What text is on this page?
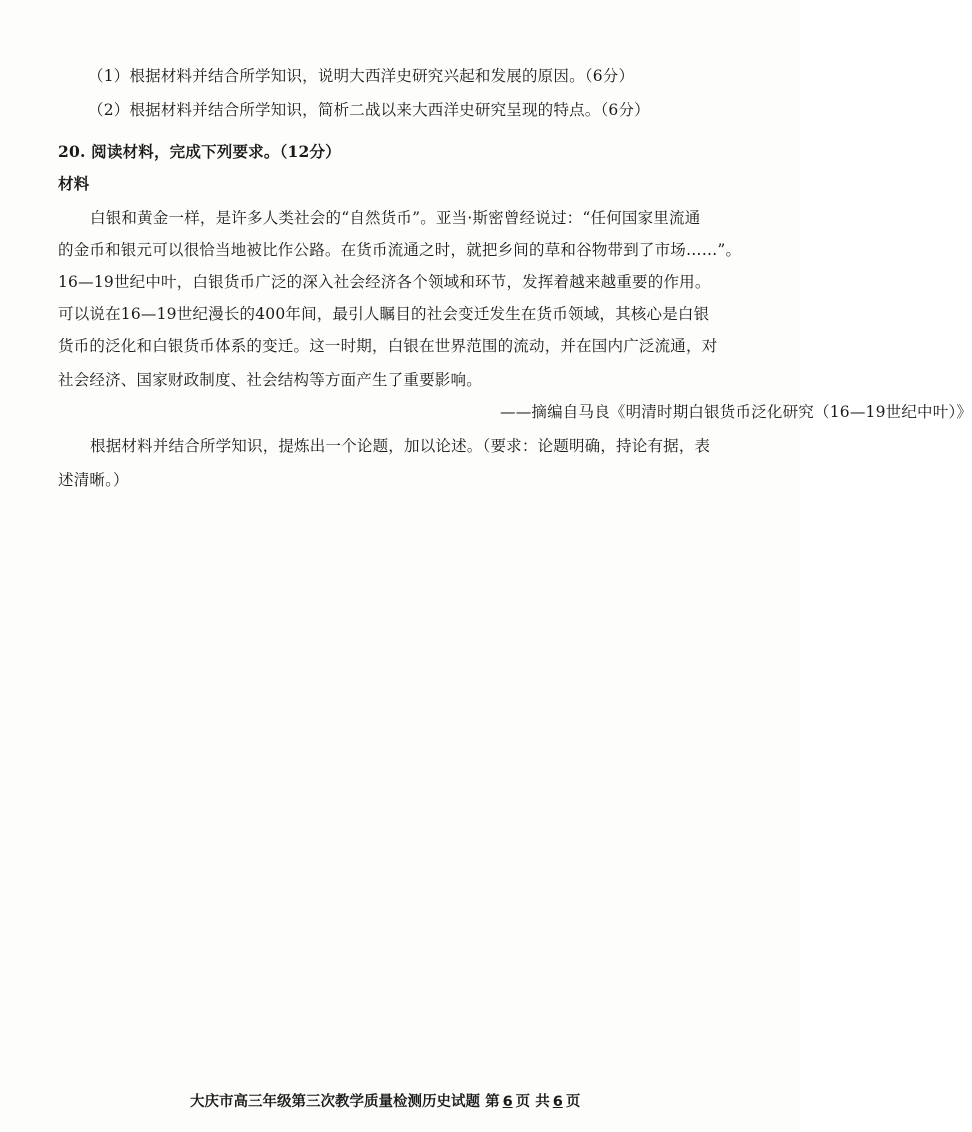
（1）根据材料并结合所学知识，说明大西洋史研究兴起和发展的原因。（6分）
（2）根据材料并结合所学知识，简析二战以来大西洋史研究呈现的特点。（6分）
20. 阅读材料，完成下列要求。（12分）
材料
白银和黄金一样，是许多人类社会的“自然货币”。亚当·斯密曾经说过：“任何国家里流通
的金币和银元可以很恰当地被比作公路。在货币流通之时，就把乡间的草和谷物带到了市场……”。
16—19世纪中叶，白银货币广泛的深入社会经济各个领域和环节，发挥着越来越重要的作用。
可以说在16—19世纪漫长的400年间，最引人瞩目的社会变迁发生在货币领域，其核心是白银
货币的泛化和白银货币体系的变迁。这一时期，白银在世界范围的流动，并在国内广泛流通，对
社会经济、国家财政制度、社会结构等方面产生了重要影响。
——摘编自马良《明清时期白银货币泛化研究（16—19世纪中叶）》
根据材料并结合所学知识，提炼出一个论题，加以论述。（要求：论题明确，持论有据，表
述清晰。）
大庆市高三年级第三次教学质量检测历史试题 第 6 页 共 6 页
